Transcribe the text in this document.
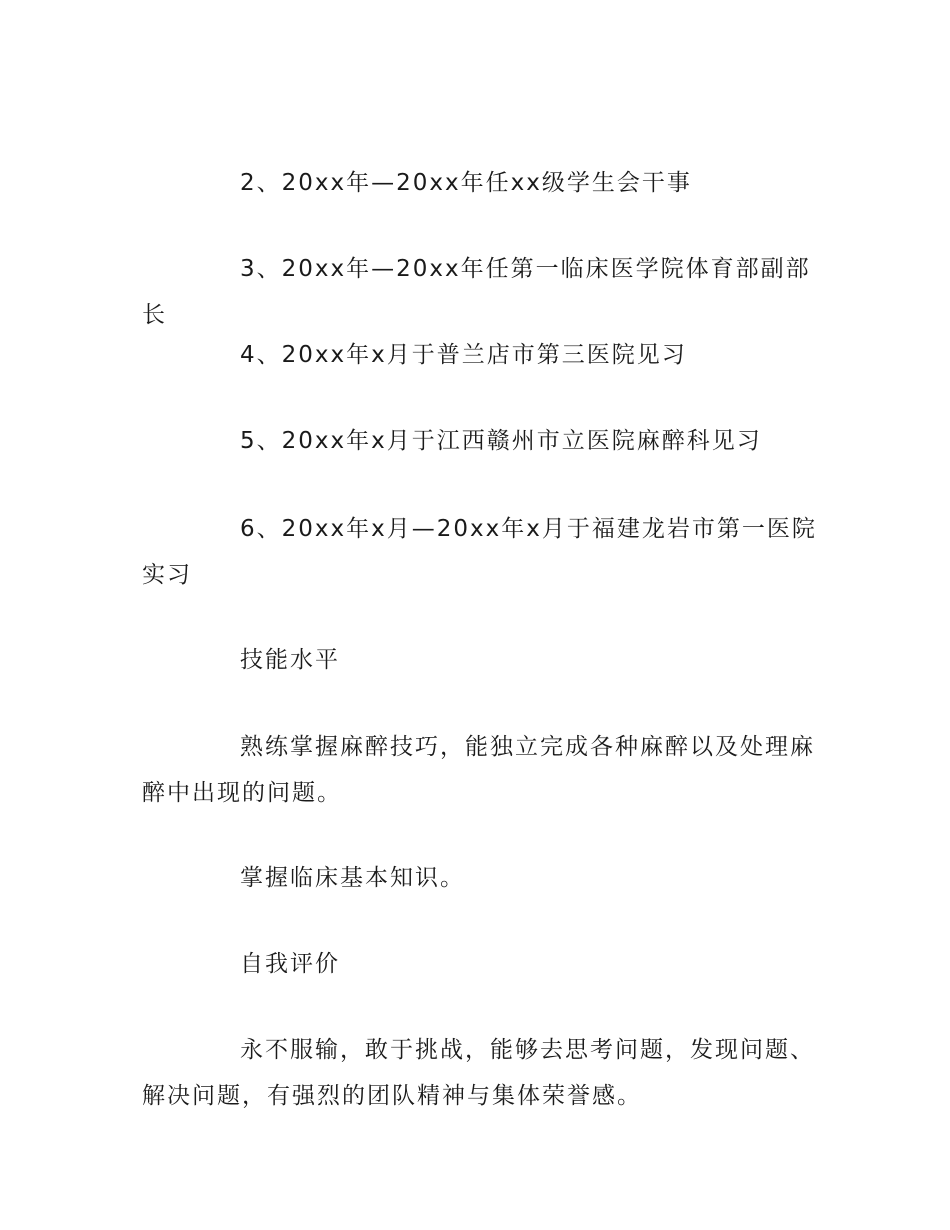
2、20xx年—20xx年任xx级学生会干事

3、20xx年—20xx年任第一临床医学院体育部副部长

4、20xx年x月于普兰店市第三医院见习

5、20xx年x月于江西赣州市立医院麻醉科见习

6、20xx年x月—20xx年x月于福建龙岩市第一医院实习

技能水平

熟练掌握麻醉技巧，能独立完成各种麻醉以及处理麻醉中出现的问题。

掌握临床基本知识。

自我评价

永不服输，敢于挑战，能够去思考问题，发现问题、解决问题，有强烈的团队精神与集体荣誉感。
